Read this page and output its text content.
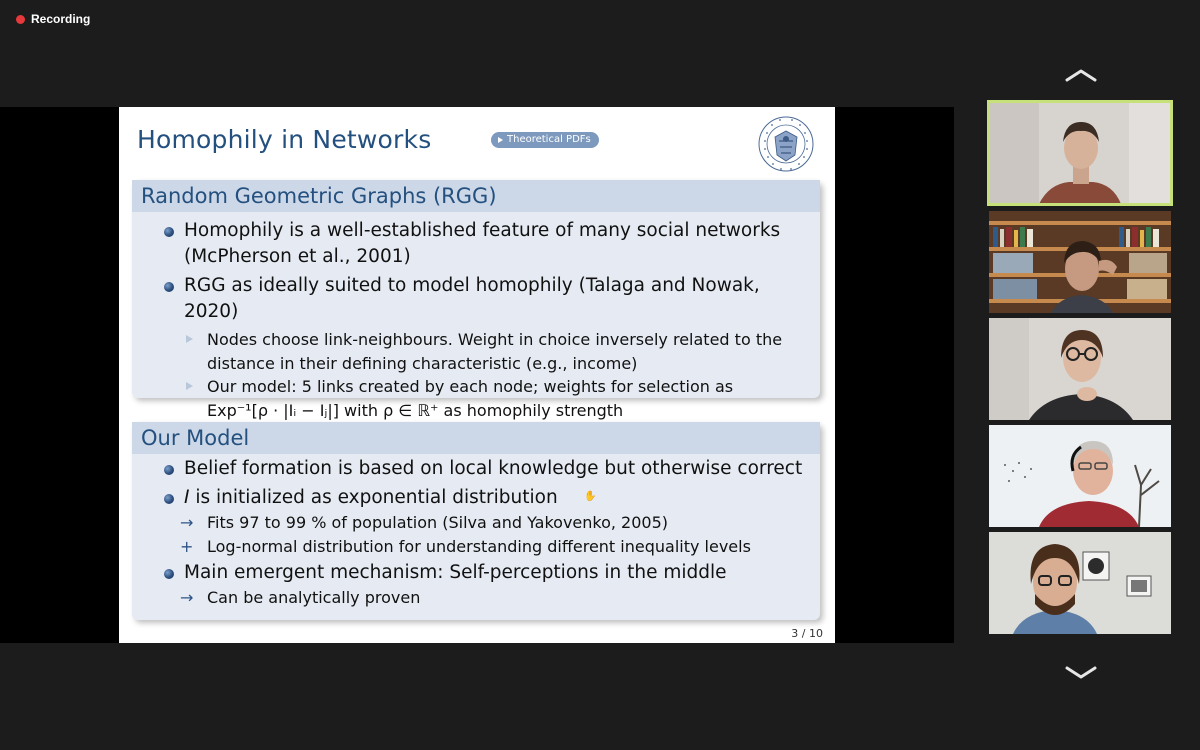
Recording
Homophily in Networks	Theoretical PDFs
Random Geometric Graphs (RGG)
Homophily is a well-established feature of many social networks (McPherson et al., 2001)
RGG as ideally suited to model homophily (Talaga and Nowak, 2020)
Nodes choose link-neighbours. Weight in choice inversely related to the distance in their defining characteristic (e.g., income)
Our model: 5 links created by each node; weights for selection as
Exp⁻¹[ρ · |Iᵢ − Iⱼ|] with ρ ∈ ℝ⁺ as homophily strength
Our Model
Belief formation is based on local knowledge but otherwise correct
I is initialized as exponential distribution
→ Fits 97 to 99 % of population (Silva and Yakovenko, 2005)
+ Log-normal distribution for understanding different inequality levels
Main emergent mechanism: Self-perceptions in the middle
→ Can be analytically proven
✋
3 / 10
